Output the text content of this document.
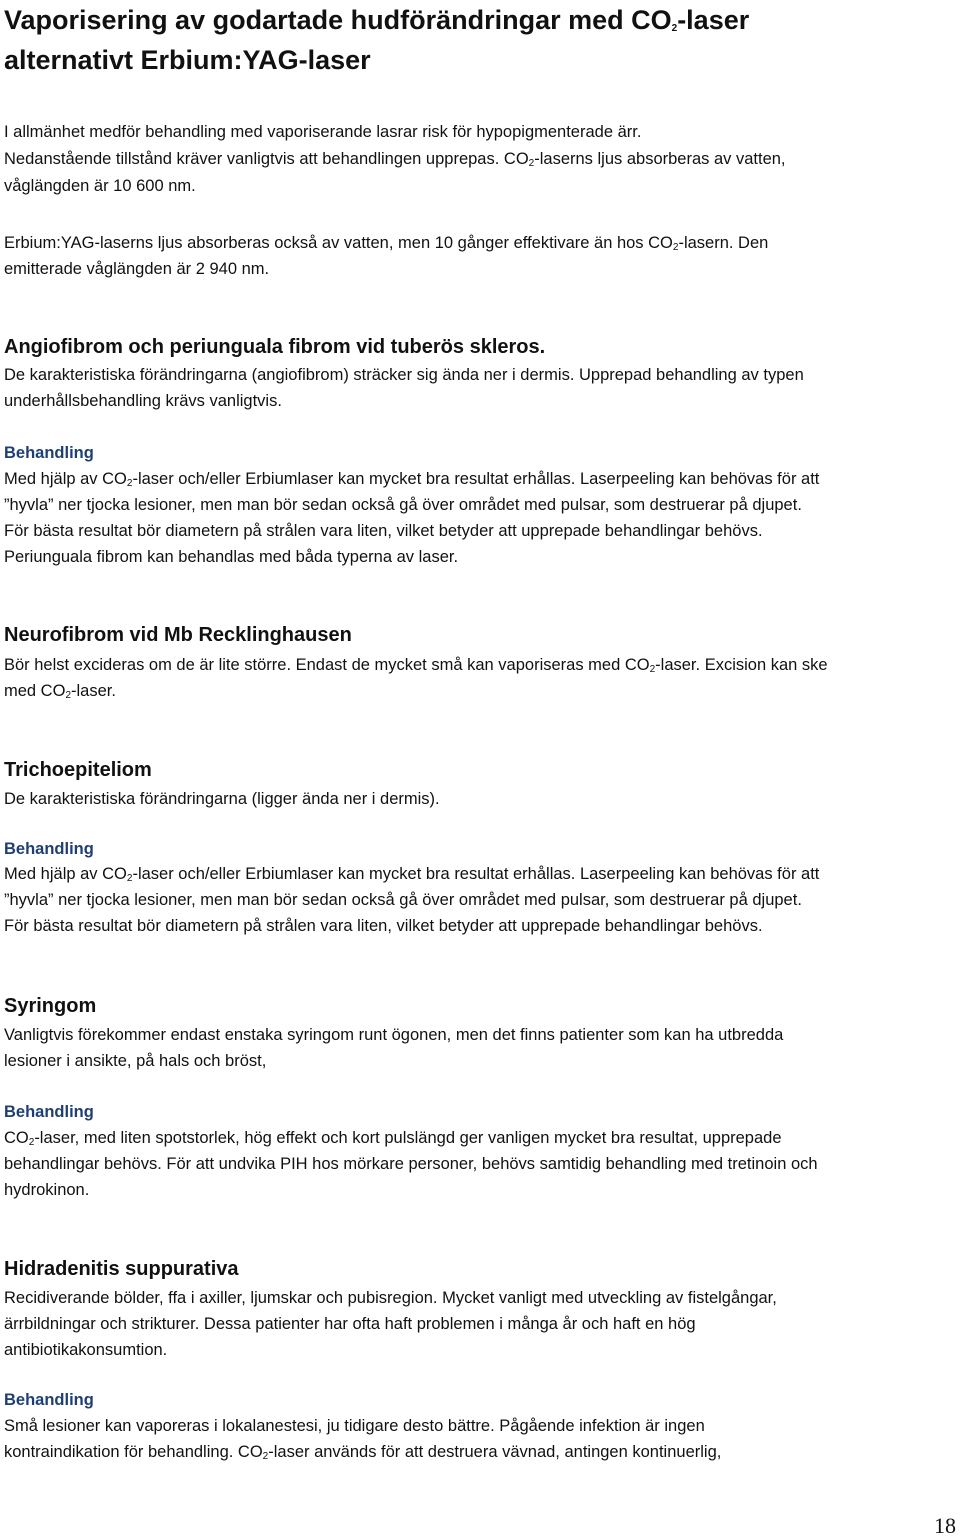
Vaporisering av godartade hudförändringar med $CO_2$-laser
alternativt Erbium:YAG-laser
I allmänhet medför behandling med vaporiserande lasrar risk för hypopigmenterade ärr.
Nedanstående tillstånd kräver vanligtvis att behandlingen upprepas. $CO_2$-laserns ljus absorberas av vatten,
våglängden är 10 600 nm.
Erbium:YAG-laserns ljus absorberas också av vatten, men 10 gånger effektivare än hos $CO_2$-lasern. Den
emitterade våglängden är 2 940 nm.
Angiofibrom och periunguala fibrom vid tuberös skleros.
De karakteristiska förändringarna (angiofibrom) sträcker sig ända ner i dermis. Upprepad behandling av typen
underhållsbehandling krävs vanligtvis.
Behandling
Med hjälp av $CO_2$-laser och/eller Erbiumlaser kan mycket bra resultat erhållas. Laserpeeling kan behövas för att
”hyvla” ner tjocka lesioner, men man bör sedan också gå över området med pulsar, som destruerar på djupet.
För bästa resultat bör diametern på strålen vara liten, vilket betyder att upprepade behandlingar behövs.
Periunguala fibrom kan behandlas med båda typerna av laser.
Neurofibrom vid Mb Recklinghausen
Bör helst excideras om de är lite större. Endast de mycket små kan vaporiseras med $CO_2$-laser. Excision kan ske
med $CO_2$-laser.
Trichoepiteliom
De karakteristiska förändringarna (ligger ända ner i dermis).
Behandling
Med hjälp av $CO_2$-laser och/eller Erbiumlaser kan mycket bra resultat erhållas. Laserpeeling kan behövas för att
”hyvla” ner tjocka lesioner, men man bör sedan också gå över området med pulsar, som destruerar på djupet.
För bästa resultat bör diametern på strålen vara liten, vilket betyder att upprepade behandlingar behövs.
Syringom
Vanligtvis förekommer endast enstaka syringom runt ögonen, men det finns patienter som kan ha utbredda
lesioner i ansikte, på hals och bröst,
Behandling
$CO_2$-laser, med liten spotstorlek, hög effekt och kort pulslängd ger vanligen mycket bra resultat, upprepade
behandlingar behövs. För att undvika PIH hos mörkare personer, behövs samtidig behandling med tretinoin och
hydrokinon.
Hidradenitis suppurativa
Recidiverande bölder, ffa i axiller, ljumskar och pubisregion. Mycket vanligt med utveckling av fistelgångar,
ärrbildningar och strikturer. Dessa patienter har ofta haft problemen i många år och haft en hög
antibiotikakonsumtion.
Behandling
Små lesioner kan vaporeras i lokalanestesi, ju tidigare desto bättre. Pågående infektion är ingen
kontraindikation för behandling. $CO_2$-laser används för att destruera vävnad, antingen kontinuerlig,
18
